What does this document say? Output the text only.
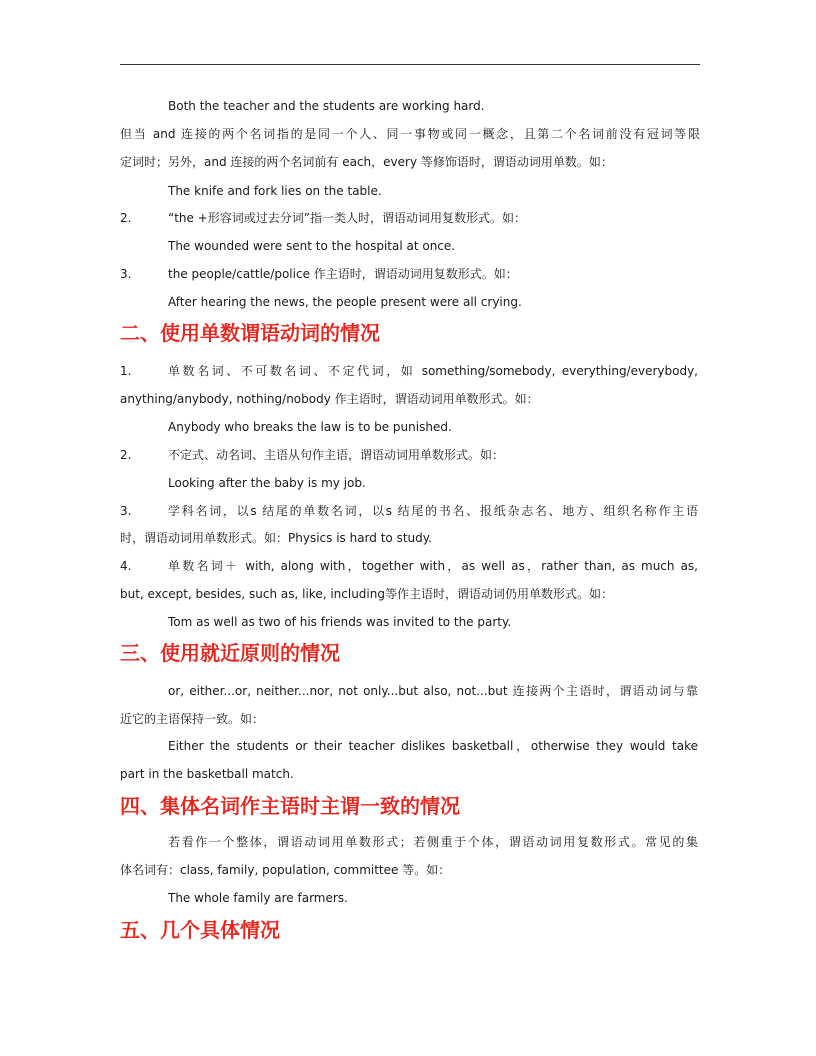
Both the teacher and the students are working hard.
但当 and 连接的两个名词指的是同一个人、同一事物或同一概念，且第二个名词前没有冠词等限
定词时；另外，and 连接的两个名词前有 each，every 等修饰语时，谓语动词用单数。如：
The knife and fork lies on the table.
2.	“the +形容词或过去分词”指一类人时，谓语动词用复数形式。如：
The wounded were sent to the hospital at once.
3.	the people/cattle/police 作主语时，谓语动词用复数形式。如：
After hearing the news, the people present were all crying.
二、使用单数谓语动词的情况
1.	单数名词、不可数名词、不定代词，如 something/somebody, everything/everybody,
anything/anybody, nothing/nobody 作主语时，谓语动词用单数形式。如：
Anybody who breaks the law is to be punished.
2.	不定式、动名词、主语从句作主语，谓语动词用单数形式。如：
Looking after the baby is my job.
3.	学科名词，以s 结尾的单数名词，以s 结尾的书名、报纸杂志名、地方、组织名称作主语
时，谓语动词用单数形式。如：Physics is hard to study.
4.	单数名词＋ with, along with，together with，as well as，rather than, as much as,
but, except, besides, such as, like, including等作主语时，谓语动词仍用单数形式。如：
Tom as well as two of his friends was invited to the party.
三、使用就近原则的情况
or, either...or, neither...nor, not only...but also, not...but 连接两个主语时，谓语动词与靠
近它的主语保持一致。如：
Either the students or their teacher dislikes basketball，otherwise they would take
part in the basketball match.
四、集体名词作主语时主谓一致的情况
若看作一个整体，谓语动词用单数形式；若侧重于个体，谓语动词用复数形式。常见的集
体名词有：class, family, population, committee 等。如：
The whole family are farmers.
五、几个具体情况
